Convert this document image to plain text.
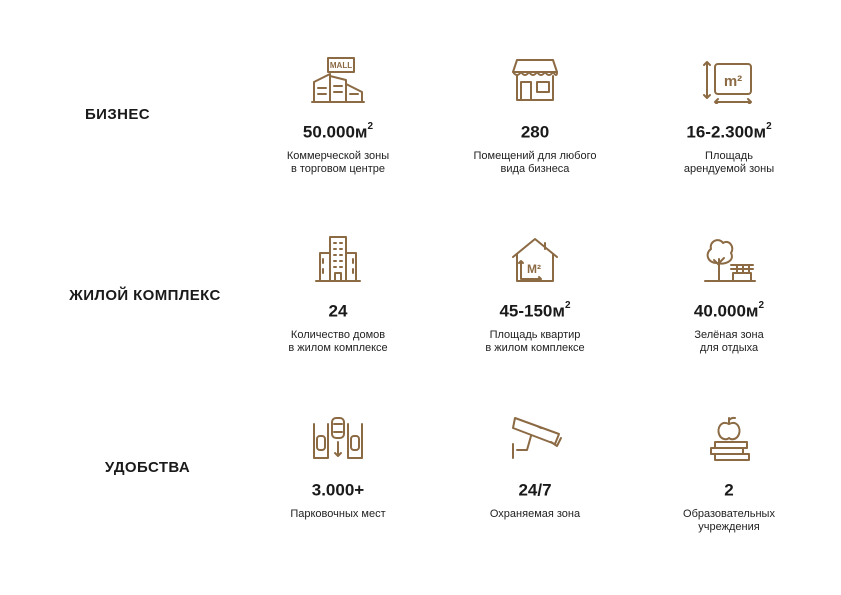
БИЗНЕС
ЖИЛОЙ КОМПЛЕКС
УДОБСТВА
MALL
$50.000м^2$
Коммерческой зоны
в торговом центре
280
Помещений для любого
вида бизнеса
m²
$16-2.300м^2$
Площадь
арендуемой зоны
24
Количество домов
в жилом комплексе
M²
$45-150м^2$
Площадь квартир
в жилом комплексе
$40.000м^2$
Зелёная зона
для отдыха
3.000+
Парковочных мест
24/7
Охраняемая зона
2
Образовательных
учреждения
